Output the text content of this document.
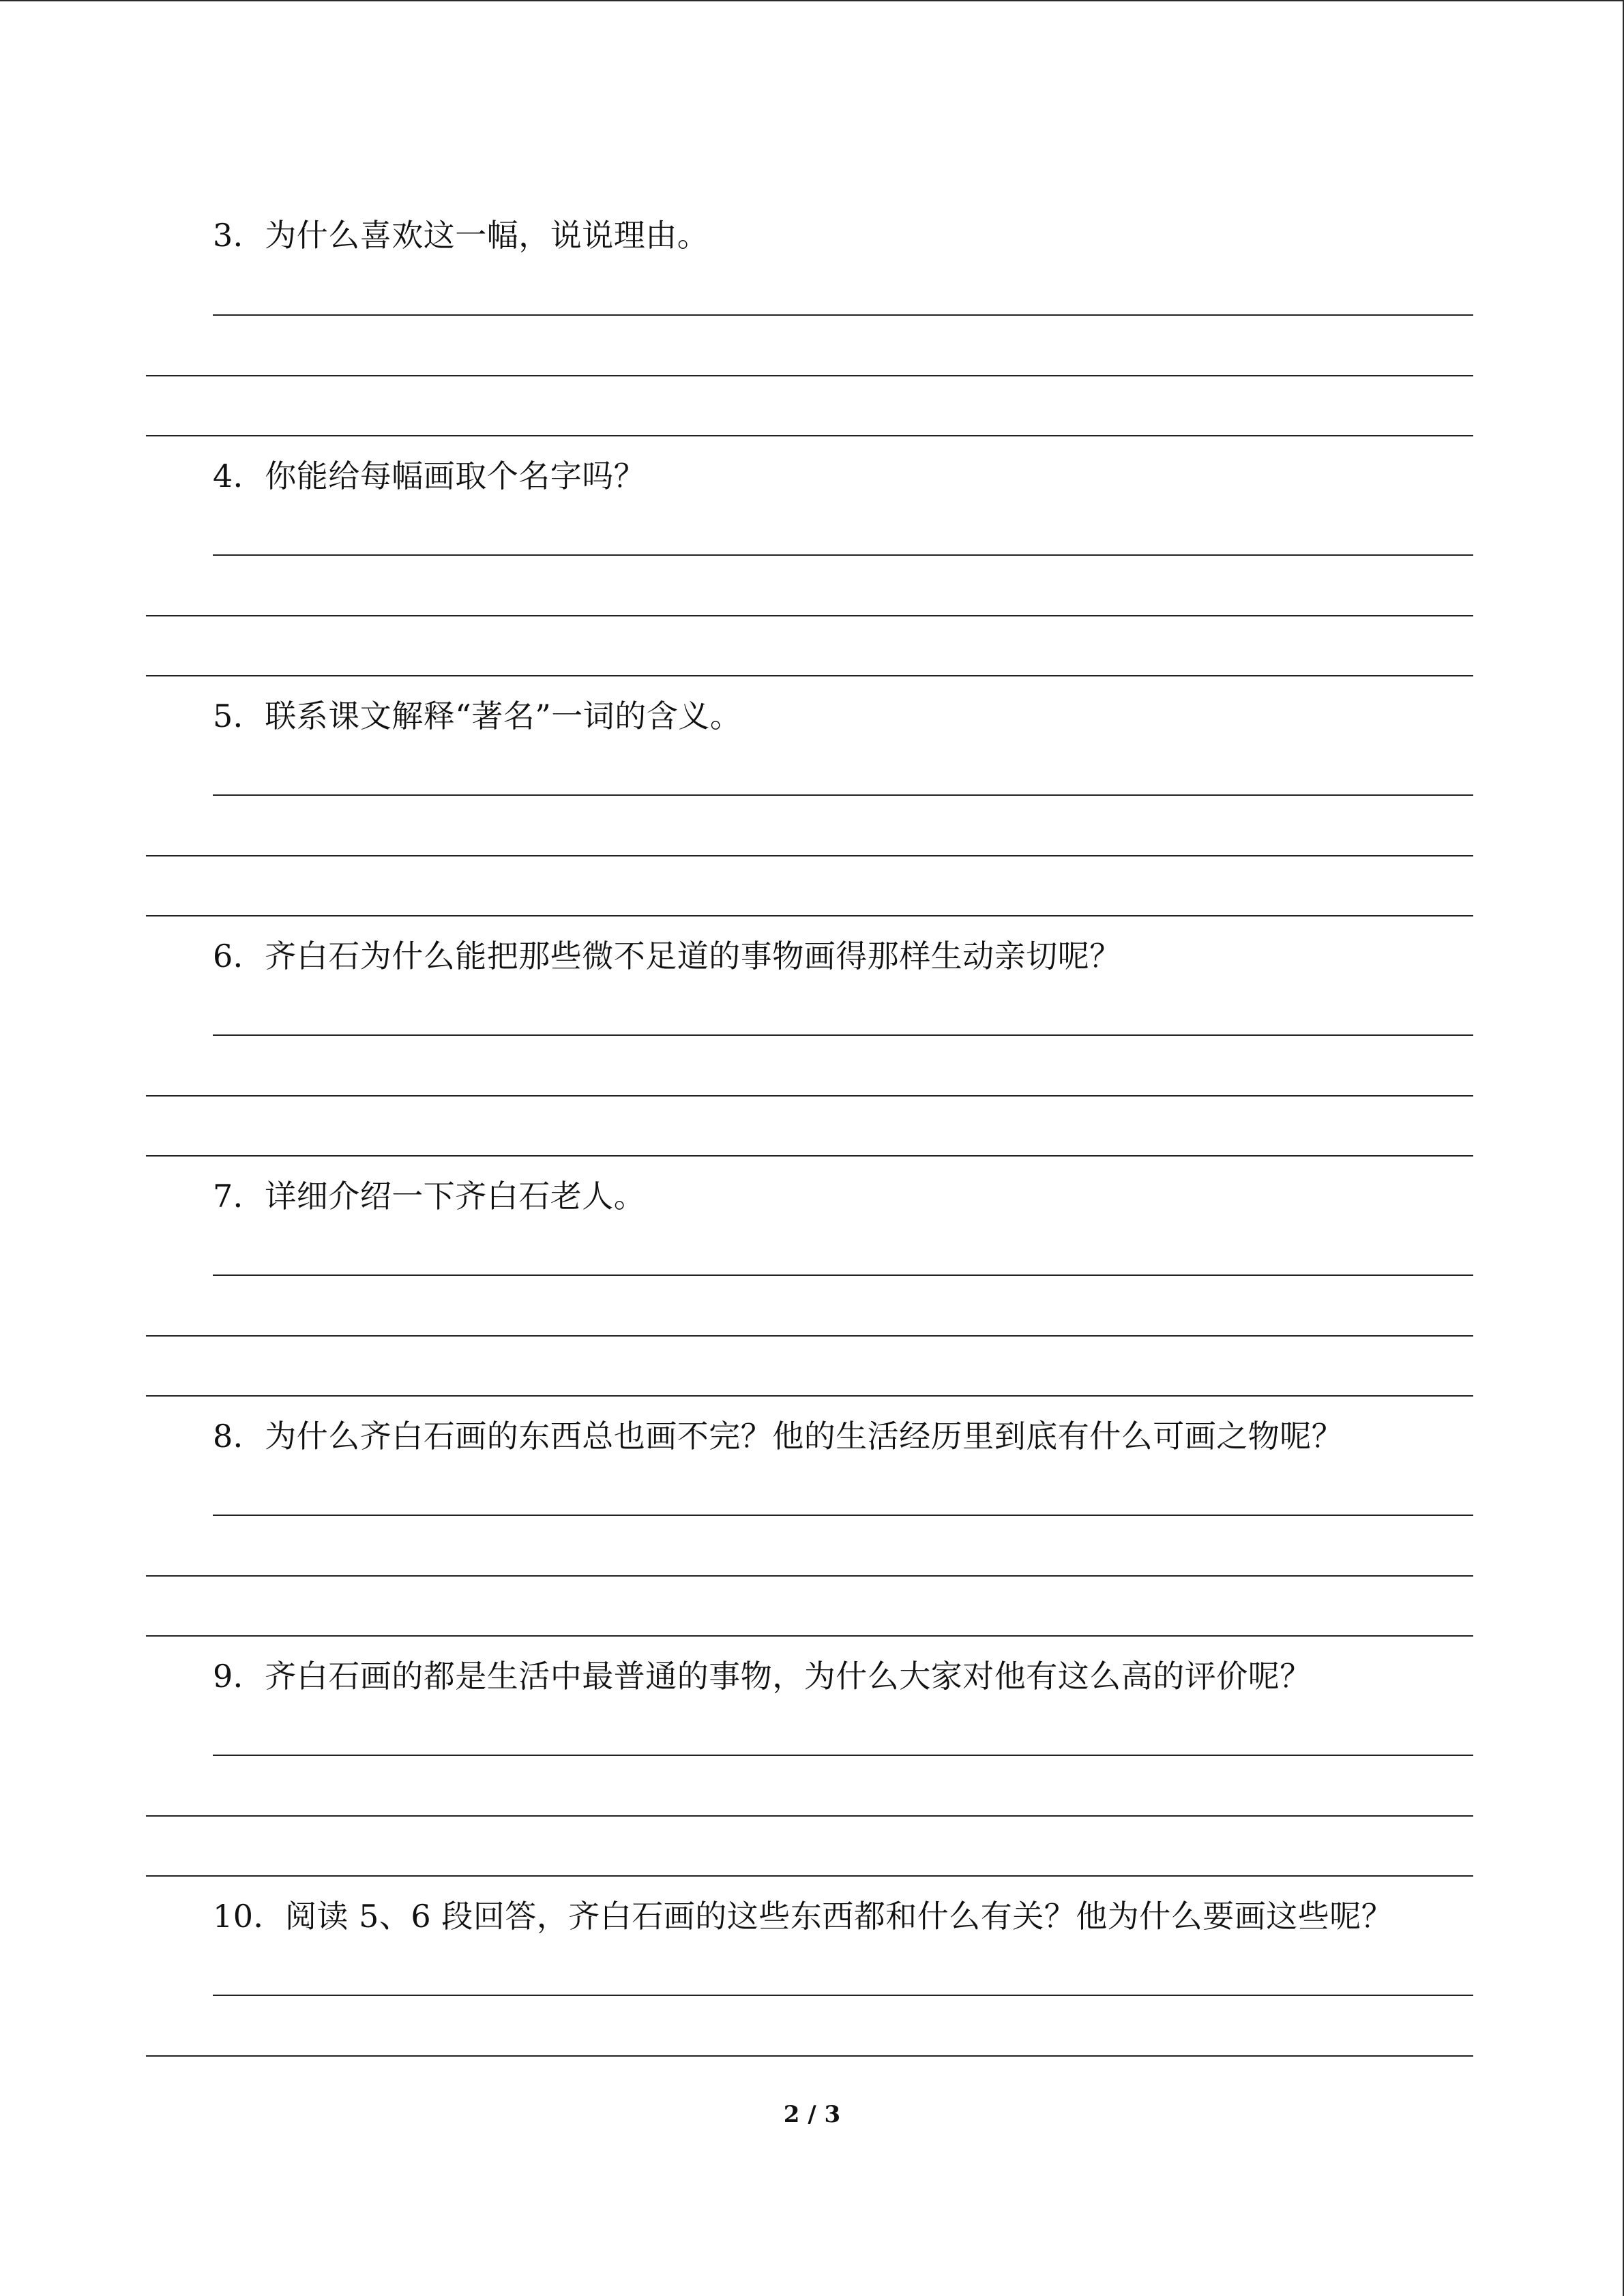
3．为什么喜欢这一幅，说说理由。
4．你能给每幅画取个名字吗？
5．联系课文解释“著名”一词的含义。
6．齐白石为什么能把那些微不足道的事物画得那样生动亲切呢？
7．详细介绍一下齐白石老人。
8．为什么齐白石画的东西总也画不完？他的生活经历里到底有什么可画之物呢？
9．齐白石画的都是生活中最普通的事物，为什么大家对他有这么高的评价呢？
10．阅读 5、6 段回答，齐白石画的这些东西都和什么有关？他为什么要画这些呢？
2 / 3
